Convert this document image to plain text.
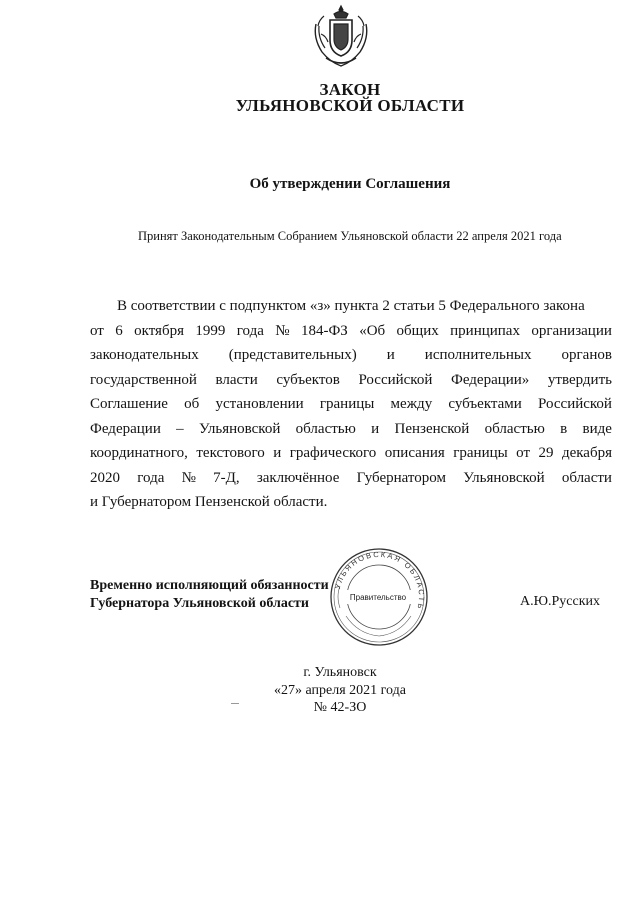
ЗАКОН
УЛЬЯНОВСКОЙ ОБЛАСТИ
Об утверждении Соглашения
Принят Законодательным Собранием Ульяновской области 22 апреля 2021 года
В соответствии с подпунктом «з» пункта 2 статьи 5 Федерального закона
от 6 октября 1999 года № 184-ФЗ «Об общих принципах организации
законодательных (представительных) и исполнительных органов
государственной власти субъектов Российской Федерации» утвердить
Соглашение об установлении границы между субъектами Российской
Федерации – Ульяновской областью и Пензенской областью в виде
координатного, текстового и графического описания границы от 29 декабря
2020 года № 7-Д, заключённое Губернатором Ульяновской области
и Губернатором Пензенской области.
Временно исполняющий обязанности
Губернатора Ульяновской области	А.Ю.Русских
УЛЬЯНОВСКАЯ ОБЛАСТЬ
Правительство
г. Ульяновск
«27» апреля 2021 года
№ 42-ЗО
